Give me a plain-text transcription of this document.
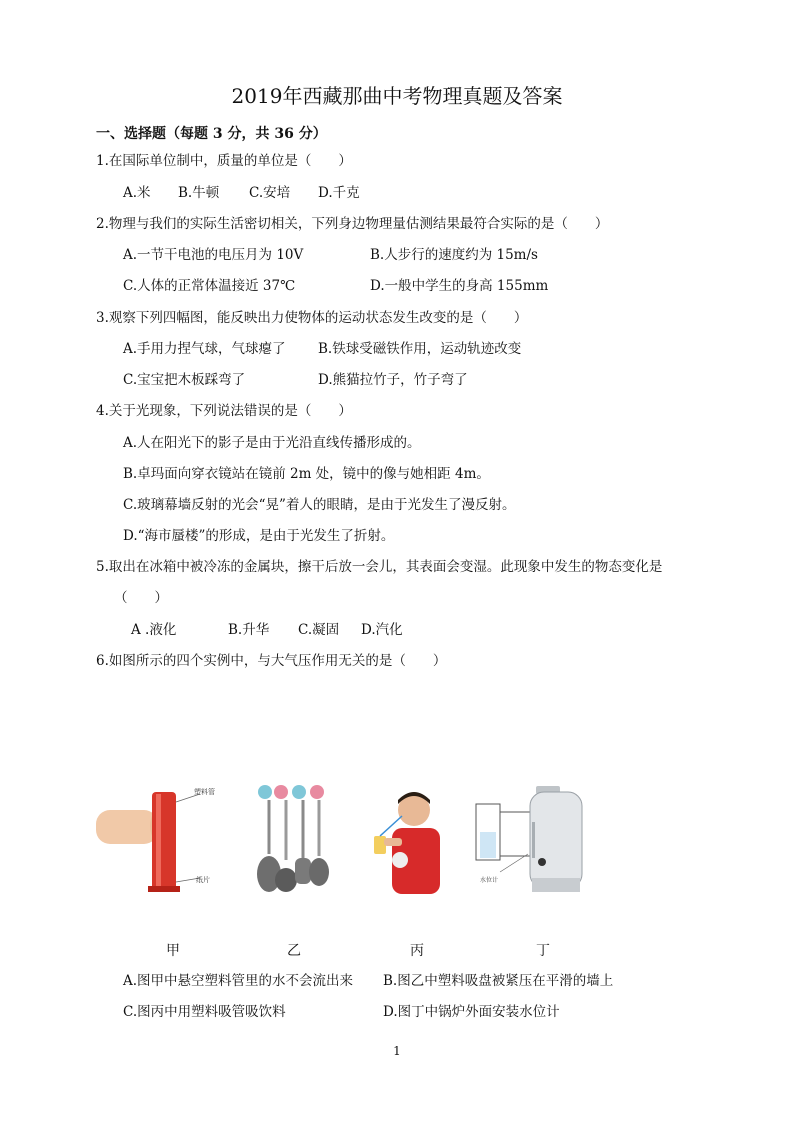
2019年西藏那曲中考物理真题及答案
一、选择题（每题 3 分，共 36 分）
1.在国际单位制中，质量的单位是（　　）
A.米 B.牛顿 C.安培 D.千克
2.物理与我们的实际生活密切相关，下列身边物理量估测结果最符合实际的是（　　）
A.一节干电池的电压月为 10V	B.人步行的速度约为 15m/s
C.人体的正常体温接近 37℃	D.一般中学生的身高 155mm
3.观察下列四幅图，能反映出力使物体的运动状态发生改变的是（　　）
A.手用力捏气球，气球瘪了 B.铁球受磁铁作用，运动轨迹改变
C.宝宝把木板踩弯了	D.熊猫拉竹子，竹子弯了
4.关于光现象，下列说法错误的是（　　）
A.人在阳光下的影子是由于光沿直线传播形成的。
B.卓玛面向穿衣镜站在镜前 2m 处，镜中的像与她相距 4m。
C.玻璃幕墙反射的光会“晃”着人的眼睛，是由于光发生了漫反射。
D.“海市蜃楼”的形成，是由于光发生了折射。
5.取出在冰箱中被冷冻的金属块，擦干后放一会儿，其表面会变湿。此现象中发生的物态变化是
（　　）
A .液化	B.升华 C.凝固 D.汽化
6.如图所示的四个实例中，与大气压作用无关的是（　　）
塑料管
纸片	水位计
甲	乙	丙	丁
A.图甲中悬空塑料管里的水不会流出来 B.图乙中塑料吸盘被紧压在平滑的墙上
C.图丙中用塑料吸管吸饮料	D.图丁中锅炉外面安装水位计
1
